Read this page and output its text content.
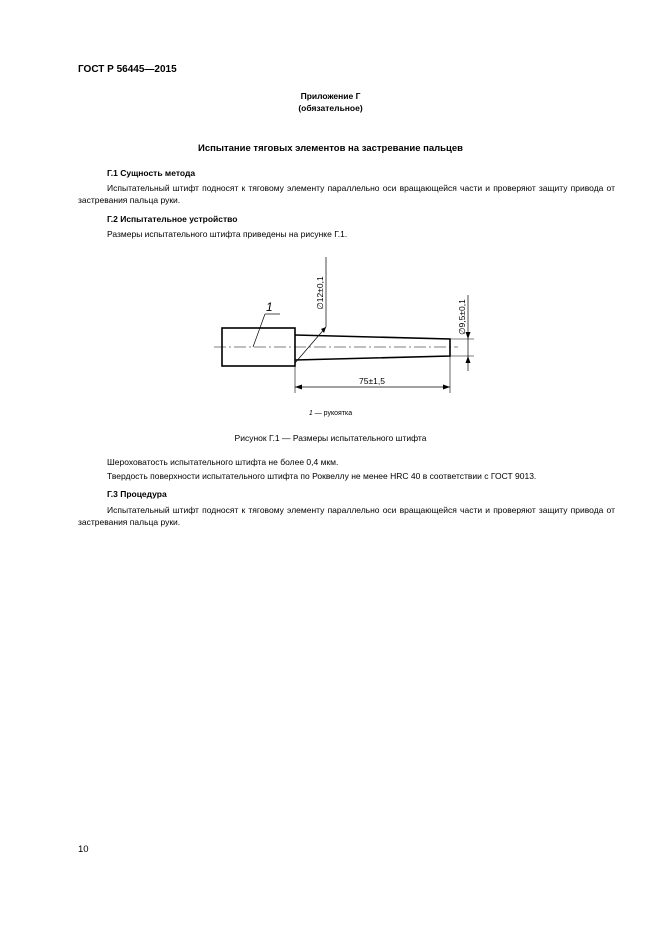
ГОСТ Р 56445—2015
Приложение Г
(обязательное)
Испытание тяговых элементов на застревание пальцев
Г.1 Сущность метода
Испытательный штифт подносят к тяговому элементу параллельно оси вращающейся части и проверяют защиту привода от застревания пальца руки.
Г.2 Испытательное устройство
Размеры испытательного штифта приведены на рисунке Г.1.
1	∅12±0,1
∅9,5±0,1
75±1,5
1 — рукоятка
Рисунок Г.1 — Размеры испытательного штифта
Шероховатость испытательного штифта не более 0,4 мкм.
Твердость поверхности испытательного штифта по Роквеллу не менее HRC 40 в соответствии с ГОСТ 9013.
Г.3 Процедура
Испытательный штифт подносят к тяговому элементу параллельно оси вращающейся части и проверяют защиту привода от застревания пальца руки.
10
